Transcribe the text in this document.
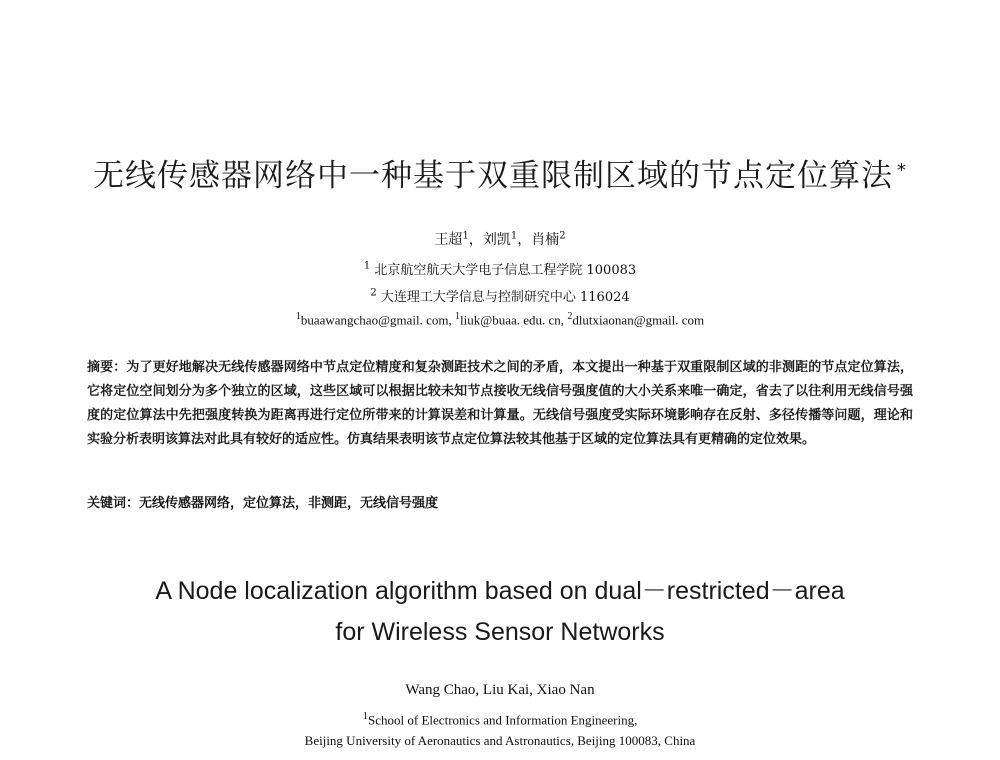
无线传感器网络中一种基于双重限制区域的节点定位算法 *
王超$^1$，刘凯$^1$，肖楠$^2$
$^1$ 北京航空航天大学电子信息工程学院 100083
$^2$ 大连理工大学信息与控制研究中心 116024
$^1$buaawangchao@gmail. com, $^1$liuk@buaa. edu. cn, $^2$dlutxiaonan@gmail. com
摘要：为了更好地解决无线传感器网络中节点定位精度和复杂测距技术之间的矛盾，本文提出一种基于双重限制区域的非测距的节点定位算法，它将定位空间划分为多个独立的区域，这些区域可以根据比较未知节点接收无线信号强度值的大小关系来唯一确定，省去了以往利用无线信号强度的定位算法中先把强度转换为距离再进行定位所带来的计算误差和计算量。无线信号强度受实际环境影响存在反射、多径传播等问题，理论和实验分析表明该算法对此具有较好的适应性。仿真结果表明该节点定位算法较其他基于区域的定位算法具有更精确的定位效果。
关键词：无线传感器网络，定位算法，非测距，无线信号强度
A Node localization algorithm based on dual－restricted－area
for Wireless Sensor Networks
Wang Chao, Liu Kai, Xiao Nan
$^1$School of Electronics and Information Engineering,
Beijing University of Aeronautics and Astronautics, Beijing 100083, China
